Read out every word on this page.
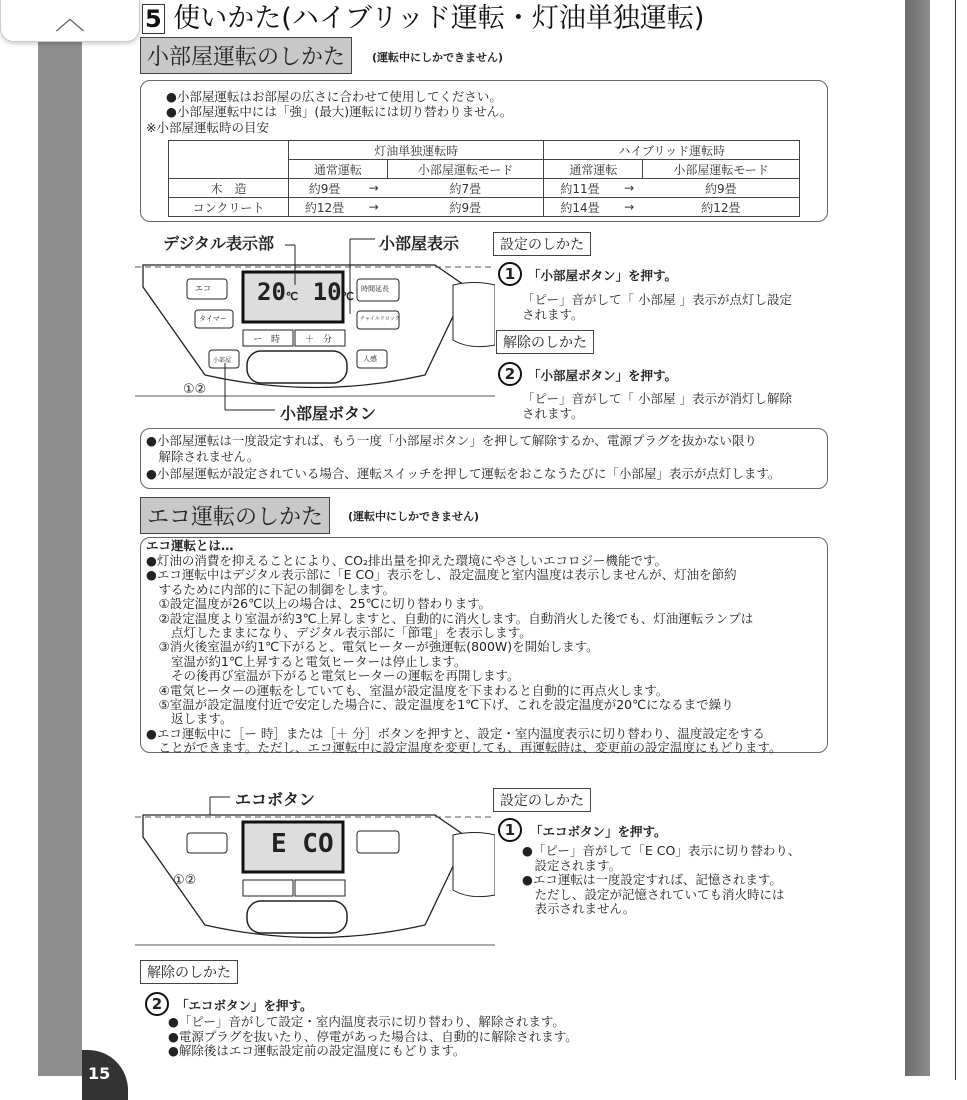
︿	5 使いかた(ハイブリッド運転・灯油単独運転)
小部屋運転のしかた	(運転中にしかできません)
●小部屋運転はお部屋の広さに合わせて使用してください。
●小部屋運転中には「強」(最大)運転には切り替わりません。
※小部屋運転時の目安
	灯油単独運転時			ハイブリッド運転時		
	通常運転		小部屋運転モード	通常運転		小部屋運転モード
木　造	約9畳	→	約7畳	約11畳	→	約9畳
コンクリート	約12畳	→	約9畳	約14畳	→	約12畳
デジタル表示部	小部屋表示
小部屋ボタン
20℃ 10℃
エコ
タイマー
時間延長
チャイルドロック
ー　時	＋　分
小部屋	人感
①②
設定のしかた
1	「小部屋ボタン」を押す。
「ピー」音がして「 小部屋 」表示が点灯し設定
されます。
解除のしかた
2	「小部屋ボタン」を押す。
「ピー」音がして「 小部屋 」表示が消灯し解除
されます。
●小部屋運転は一度設定すれば、もう一度「小部屋ボタン」を押して解除するか、電源プラグを抜かない限り
　解除されません。
●小部屋運転が設定されている場合、運転スイッチを押して運転をおこなうたびに「小部屋」表示が点灯します。
エコ運転のしかた	(運転中にしかできません)
エコ運転とは…
●灯油の消費を抑えることにより、CO₂排出量を抑えた環境にやさしいエコロジー機能です。
●エコ運転中はデジタル表示部に「E CO」表示をし、設定温度と室内温度は表示しませんが、灯油を節約
　するために内部的に下記の制御をします。
　①設定温度が26℃以上の場合は、25℃に切り替わります。
　②設定温度より室温が約3℃上昇しますと、自動的に消火します。自動消火した後でも、灯油運転ランプは
　　点灯したままになり、デジタル表示部に「節電」を表示します。
　③消火後室温が約1℃下がると、電気ヒーターが強運転(800W)を開始します。
　　室温が約1℃上昇すると電気ヒーターは停止します。
　　その後再び室温が下がると電気ヒーターの運転を再開します。
　④電気ヒーターの運転をしていても、室温が設定温度を下まわると自動的に再点火します。
　⑤室温が設定温度付近で安定した場合に、設定温度を1℃下げ、これを設定温度が20℃になるまで繰り
　　返します。
●エコ運転中に［ー 時］または［＋ 分］ボタンを押すと、設定・室内温度表示に切り替わり、温度設定をする
　ことができます。ただし、エコ運転中に設定温度を変更しても、再運転時は、変更前の設定温度にもどります。
エコボタン
E CO
①②
設定のしかた
1	「エコボタン」を押す。
●「ピー」音がして「E CO」表示に切り替わり、
　設定されます。
●エコ運転は一度設定すれば、記憶されます。
　ただし、設定が記憶されていても消火時には
　表示されません。
解除のしかた
2	「エコボタン」を押す。
●「ピー」音がして設定・室内温度表示に切り替わり、解除されます。
●電源プラグを抜いたり、停電があった場合は、自動的に解除されます。
●解除後はエコ運転設定前の設定温度にもどります。
15
